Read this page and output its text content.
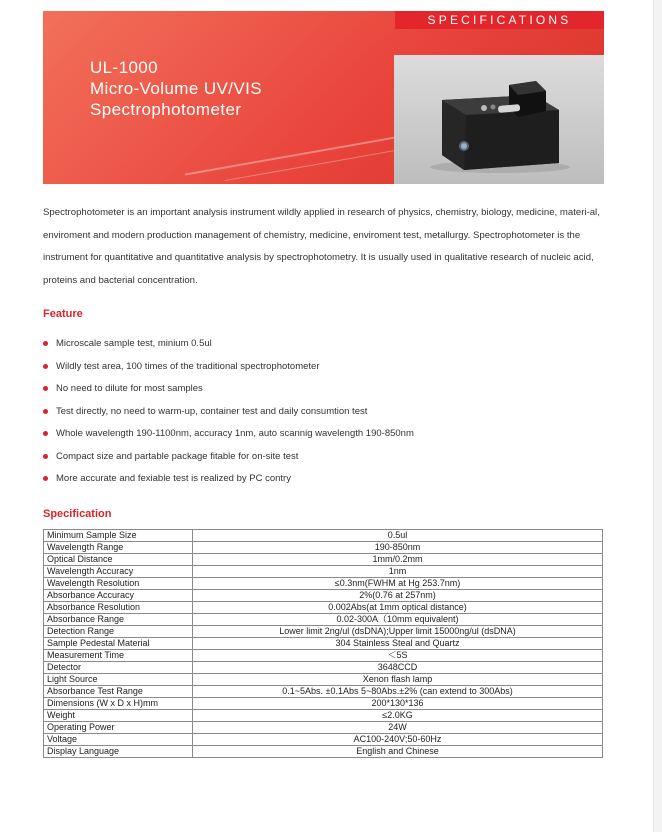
SPECIFICATIONS
UL-1000
Micro-Volume UV/VIS
Spectrophotometer
Spectrophotometer is an important analysis instrument wildly applied in research of physics, chemistry, biology, medicine, materi-al, enviroment and modern production management of chemistry, medicine, enviroment test, metallurgy. Spectrophotometer is the instrument for quantitative and quantitative analysis by spectrophotometry. It is usually used in qualitative research of nucleic acid, proteins and bacterial concentration.
Feature
Microscale sample test, minium 0.5ul
Wildly test area, 100 times of the traditional spectrophotometer
No need to dilute for most samples
Test directly, no need to warm-up, container test and daily consumtion test
Whole wavelength 190-1100nm, accuracy 1nm, auto scannig wavelength 190-850nm
Compact size and partable package fitable for on-site test
More accurate and fexiable test is realized by PC contry
Specification
Minimum Sample Size	0.5ul
Wavelength Range	190-850nm
Optical Distance	1mm/0.2mm
Wavelength Accuracy	1nm
Wavelength Resolution	≤0.3nm(FWHM at Hg 253.7nm)
Absorbance Accuracy	2%(0.76 at 257nm)
Absorbance Resolution	0.002Abs(at 1mm optical distance)
Absorbance Range	0.02-300A（10mm equivalent)
Detection Range	Lower limit 2ng/ul (dsDNA);Upper limit 15000ng/ul (dsDNA)
Sample Pedestal Material	304 Stainless Steal and Quartz
Measurement Time	＜5S
Detector	3648CCD
Light Source	Xenon flash lamp
Absorbance Test Range	0.1~5Abs. ±0.1Abs 5~80Abs.±2% (can extend to 300Abs)
Dimensions (W x D x H)mm	200*130*136
Weight	≤2.0KG
Operating Power	24W
Voltage	AC100-240V;50-60Hz
Display Language	English and Chinese
